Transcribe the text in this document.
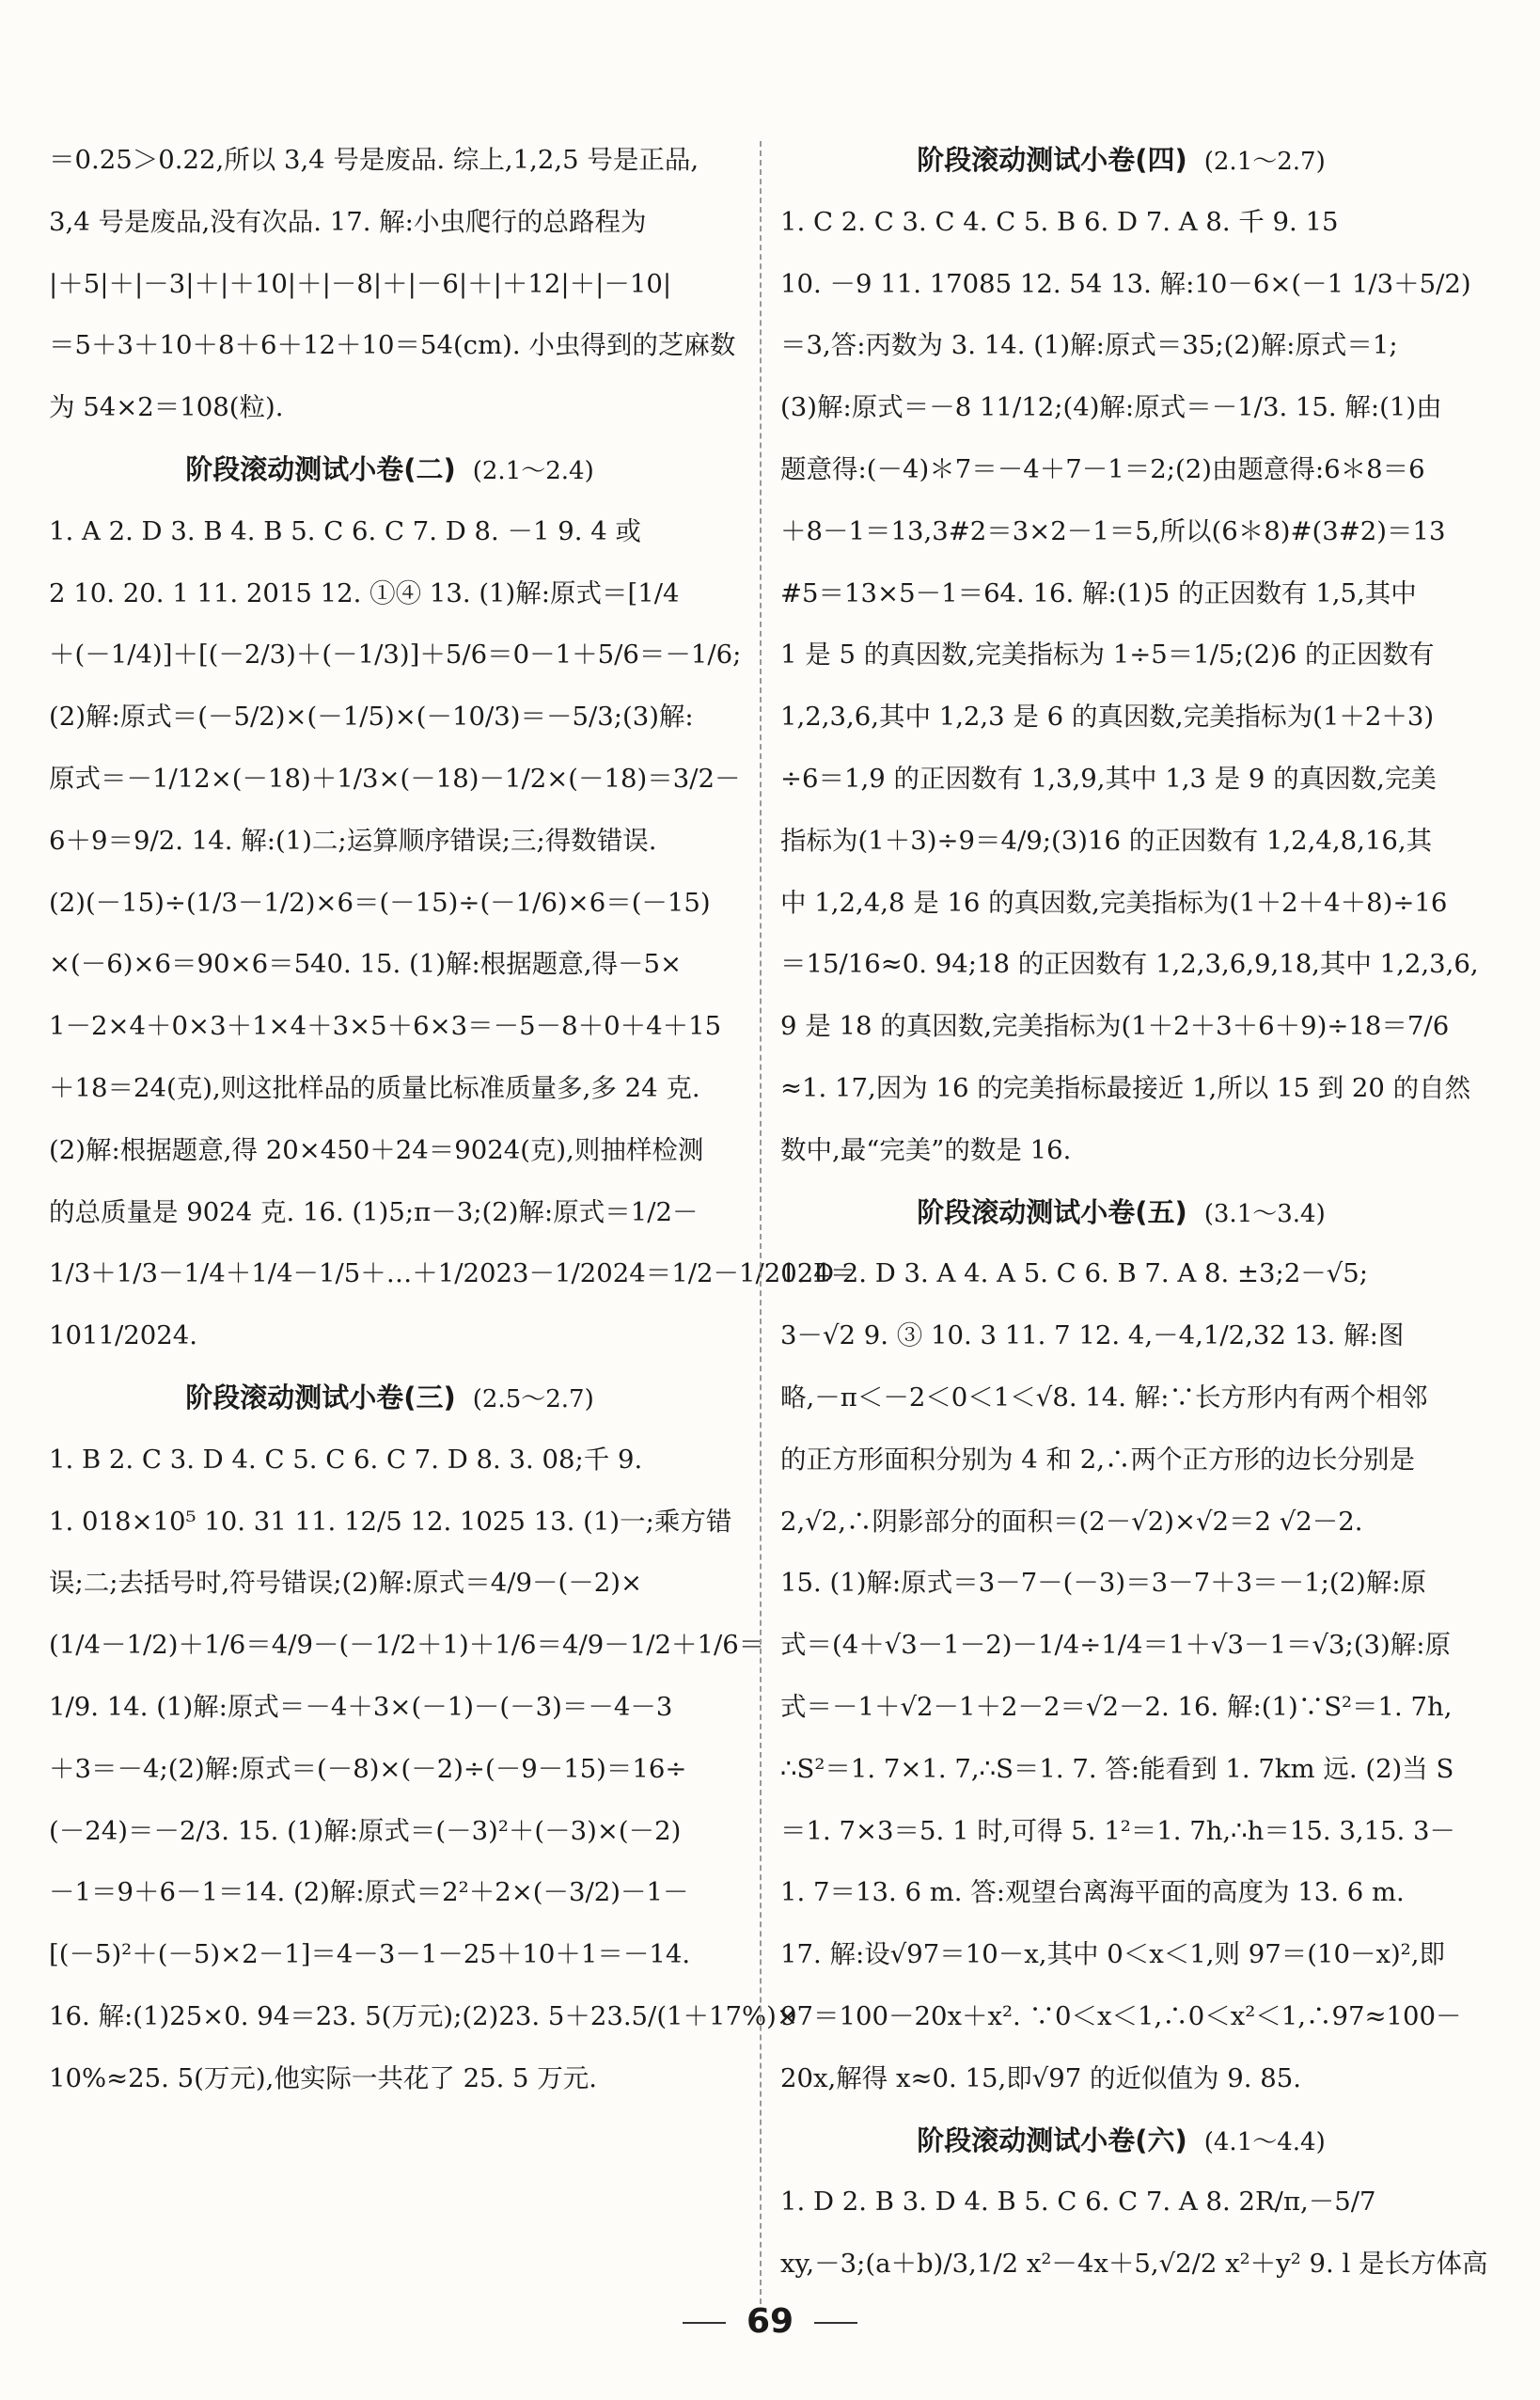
＝0.25＞0.22,所以 3,4 号是废品. 综上,1,2,5 号是正品,
3,4 号是废品,没有次品. 17. 解:小虫爬行的总路程为
|＋5|＋|－3|＋|＋10|＋|－8|＋|－6|＋|＋12|＋|－10|
＝5＋3＋10＋8＋6＋12＋10＝54(cm). 小虫得到的芝麻数
为 54×2＝108(粒).
阶段滚动测试小卷(二) (2.1～2.4)
1. A 2. D 3. B 4. B 5. C 6. C 7. D 8. －1 9. 4 或
2 10. 20. 1 11. 2015 12. ①④ 13. (1)解:原式＝[1/4
＋(－1/4)]＋[(－2/3)＋(－1/3)]＋5/6＝0－1＋5/6＝－1/6;
(2)解:原式＝(－5/2)×(－1/5)×(－10/3)＝－5/3;(3)解:
原式＝－1/12×(－18)＋1/3×(－18)－1/2×(－18)＝3/2－
6＋9＝9/2. 14. 解:(1)二;运算顺序错误;三;得数错误.
(2)(－15)÷(1/3－1/2)×6＝(－15)÷(－1/6)×6＝(－15)
×(－6)×6＝90×6＝540. 15. (1)解:根据题意,得－5×
1－2×4＋0×3＋1×4＋3×5＋6×3＝－5－8＋0＋4＋15
＋18＝24(克),则这批样品的质量比标准质量多,多 24 克.
(2)解:根据题意,得 20×450＋24＝9024(克),则抽样检测
的总质量是 9024 克. 16. (1)5;π－3;(2)解:原式＝1/2－
1/3＋1/3－1/4＋1/4－1/5＋…＋1/2023－1/2024＝1/2－1/2024＝
1011/2024.
阶段滚动测试小卷(三) (2.5～2.7)
1. B 2. C 3. D 4. C 5. C 6. C 7. D 8. 3. 08;千 9.
1. 018×10⁵ 10. 31 11. 12/5 12. 1025 13. (1)一;乘方错
误;二;去括号时,符号错误;(2)解:原式＝4/9－(－2)×
(1/4－1/2)＋1/6＝4/9－(－1/2＋1)＋1/6＝4/9－1/2＋1/6＝
1/9. 14. (1)解:原式＝－4＋3×(－1)－(－3)＝－4－3
＋3＝－4;(2)解:原式＝(－8)×(－2)÷(－9－15)＝16÷
(－24)＝－2/3. 15. (1)解:原式＝(－3)²＋(－3)×(－2)
－1＝9＋6－1＝14. (2)解:原式＝2²＋2×(－3/2)－1－
[(－5)²＋(－5)×2－1]＝4－3－1－25＋10＋1＝－14.
16. 解:(1)25×0. 94＝23. 5(万元);(2)23. 5＋23.5/(1＋17%)×
10%≈25. 5(万元),他实际一共花了 25. 5 万元.
阶段滚动测试小卷(四) (2.1～2.7)
1. C 2. C 3. C 4. C 5. B 6. D 7. A 8. 千 9. 15
10. －9 11. 17085 12. 54 13. 解:10－6×(－1 1/3＋5/2)
＝3,答:丙数为 3. 14. (1)解:原式＝35;(2)解:原式＝1;
(3)解:原式＝－8 11/12;(4)解:原式＝－1/3. 15. 解:(1)由
题意得:(－4)＊7＝－4＋7－1＝2;(2)由题意得:6＊8＝6
＋8－1＝13,3#2＝3×2－1＝5,所以(6＊8)#(3#2)＝13
#5＝13×5－1＝64. 16. 解:(1)5 的正因数有 1,5,其中
1 是 5 的真因数,完美指标为 1÷5＝1/5;(2)6 的正因数有
1,2,3,6,其中 1,2,3 是 6 的真因数,完美指标为(1＋2＋3)
÷6＝1,9 的正因数有 1,3,9,其中 1,3 是 9 的真因数,完美
指标为(1＋3)÷9＝4/9;(3)16 的正因数有 1,2,4,8,16,其
中 1,2,4,8 是 16 的真因数,完美指标为(1＋2＋4＋8)÷16
＝15/16≈0. 94;18 的正因数有 1,2,3,6,9,18,其中 1,2,3,6,
9 是 18 的真因数,完美指标为(1＋2＋3＋6＋9)÷18＝7/6
≈1. 17,因为 16 的完美指标最接近 1,所以 15 到 20 的自然
数中,最“完美”的数是 16.
阶段滚动测试小卷(五) (3.1～3.4)
1. D 2. D 3. A 4. A 5. C 6. B 7. A 8. ±3;2－√5;
3－√2 9. ③ 10. 3 11. 7 12. 4,－4,1/2,32 13. 解:图
略,－π＜－2＜0＜1＜√8. 14. 解:∵长方形内有两个相邻
的正方形面积分别为 4 和 2,∴两个正方形的边长分别是
2,√2,∴阴影部分的面积＝(2－√2)×√2＝2 √2－2.
15. (1)解:原式＝3－7－(－3)＝3－7＋3＝－1;(2)解:原
式＝(4＋√3－1－2)－1/4÷1/4＝1＋√3－1＝√3;(3)解:原
式＝－1＋√2－1＋2－2＝√2－2. 16. 解:(1)∵S²＝1. 7h,
∴S²＝1. 7×1. 7,∴S＝1. 7. 答:能看到 1. 7km 远. (2)当 S
＝1. 7×3＝5. 1 时,可得 5. 1²＝1. 7h,∴h＝15. 3,15. 3－
1. 7＝13. 6 m. 答:观望台离海平面的高度为 13. 6 m.
17. 解:设√97＝10－x,其中 0＜x＜1,则 97＝(10－x)²,即
97＝100－20x＋x². ∵0＜x＜1,∴0＜x²＜1,∴97≈100－
20x,解得 x≈0. 15,即√97 的近似值为 9. 85.
阶段滚动测试小卷(六) (4.1～4.4)
1. D 2. B 3. D 4. B 5. C 6. C 7. A 8. 2R/π,－5/7
xy,－3;(a＋b)/3,1/2 x²－4x＋5,√2/2 x²＋y² 9. l 是长方体高
69
